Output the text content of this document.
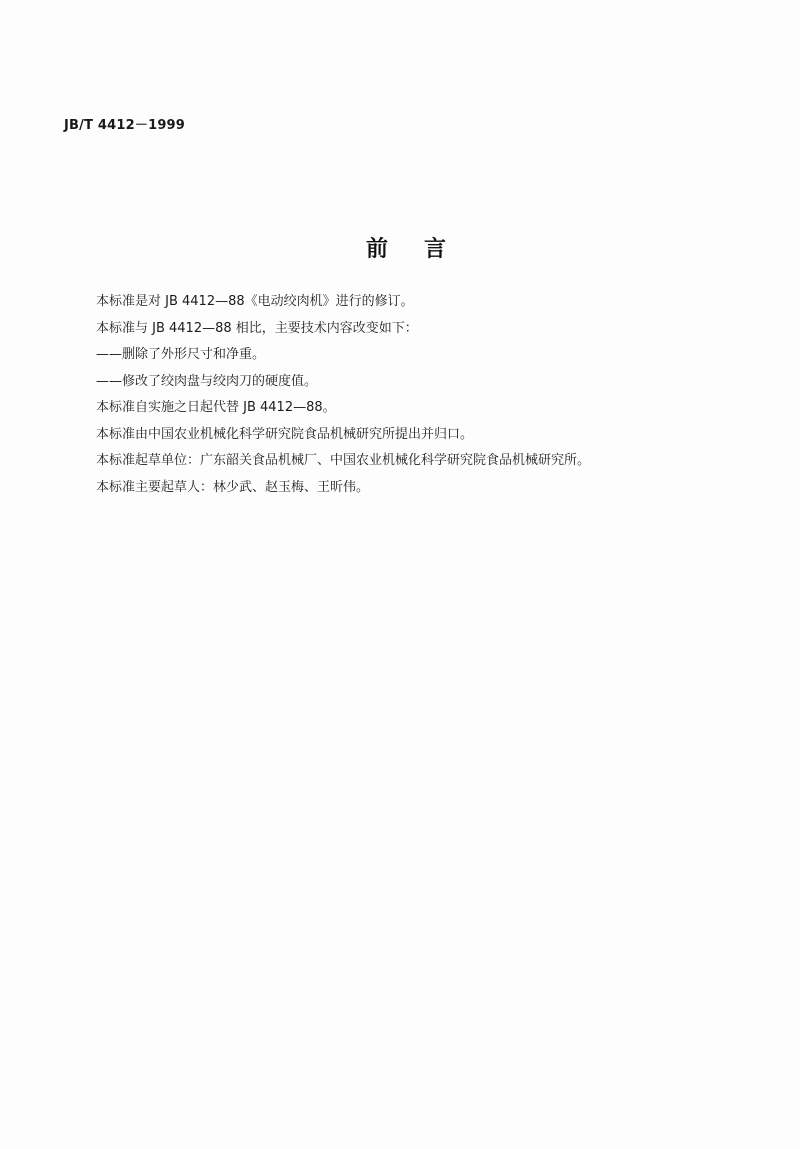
JB/T 4412－1999
前 言
本标准是对 JB 4412—88《电动绞肉机》进行的修订。
本标准与 JB 4412—88 相比，主要技术内容改变如下：
——删除了外形尺寸和净重。
——修改了绞肉盘与绞肉刀的硬度值。
本标准自实施之日起代替 JB 4412—88。
本标准由中国农业机械化科学研究院食品机械研究所提出并归口。
本标准起草单位：广东韶关食品机械厂、中国农业机械化科学研究院食品机械研究所。
本标准主要起草人：林少武、赵玉梅、王昕伟。
